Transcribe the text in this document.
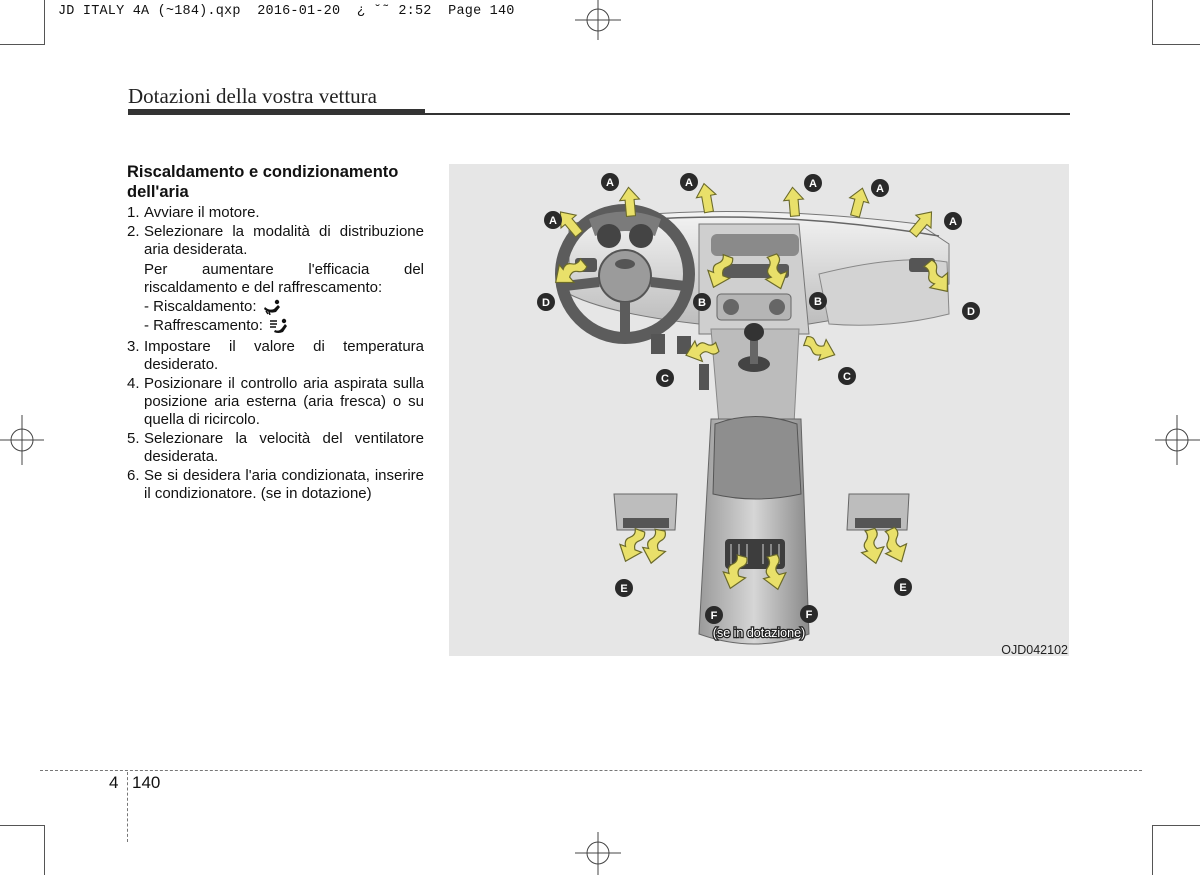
JD ITALY 4A (~184).qxp  2016-01-20  ¿ ˘˜ 2:52  Page 140
Dotazioni della vostra vettura
Riscaldamento e condizionamento dell'aria
1. Avviare il motore.
2. Selezionare la modalità di distribuzione aria desiderata.
Per aumentare l'efficacia del riscaldamento e del raffrescamento:
- Riscaldamento:
- Raffrescamento:
3. Impostare il valore di temperatura desiderato.
4. Posizionare il controllo aria aspirata sulla posizione aria esterna (aria fresca) o su quella di ricircolo.
5. Selezionare la velocità del ventilatore desiderata.
6. Se si desidera l'aria condizionata, inserire il condizionatore. (se in dotazione)
A	A	A	A
A	A
B	B
C	C
D
D
E	E
F	F
(se in dotazione)
OJD042102
4 140
